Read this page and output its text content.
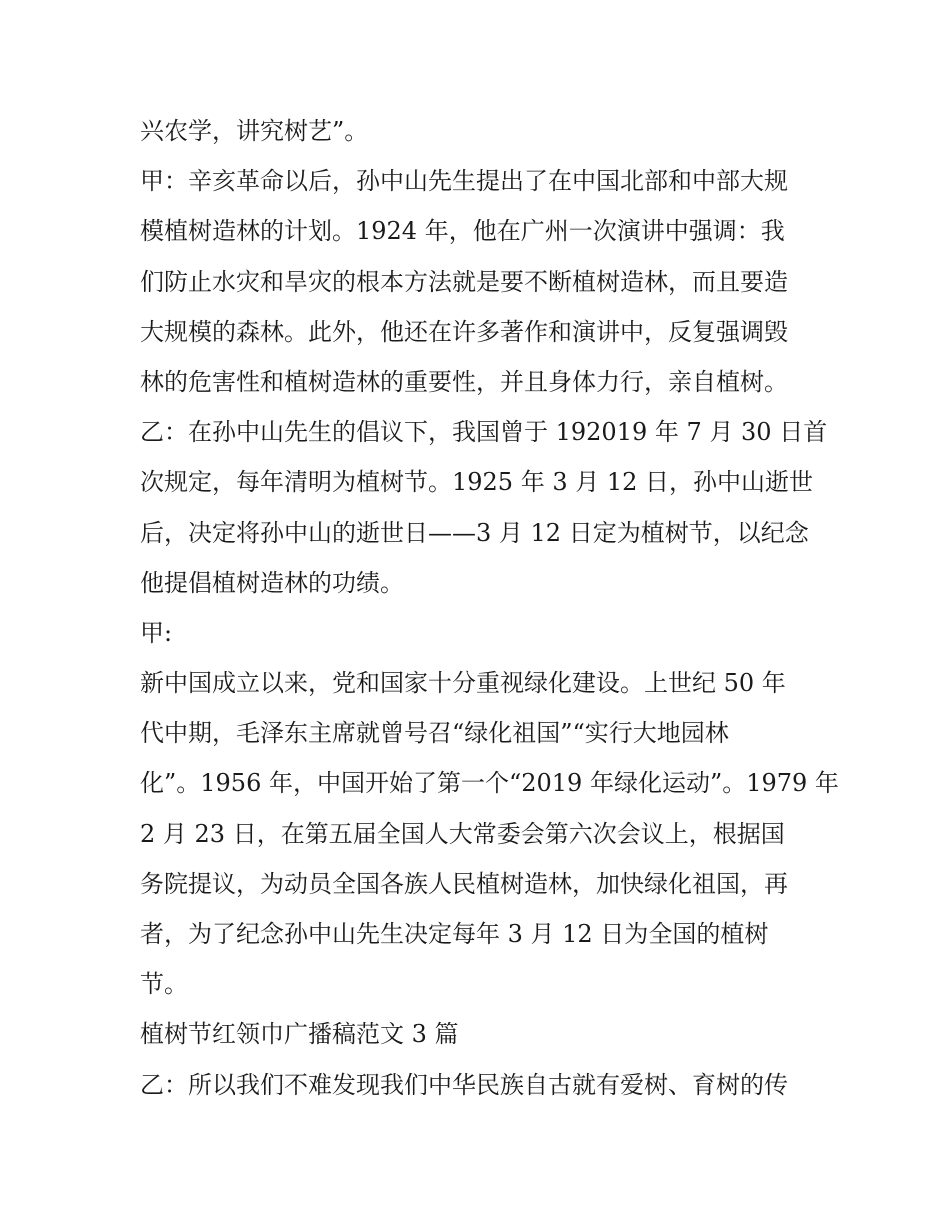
兴农学，讲究树艺”。
甲：辛亥革命以后，孙中山先生提出了在中国北部和中部大规
模植树造林的计划。1924 年，他在广州一次演讲中强调：我
们防止水灾和旱灾的根本方法就是要不断植树造林，而且要造
大规模的森林。此外，他还在许多著作和演讲中，反复强调毁
林的危害性和植树造林的重要性，并且身体力行，亲自植树。
乙：在孙中山先生的倡议下，我国曾于 192019 年 7 月 30 日首
次规定，每年清明为植树节。1925 年 3 月 12 日，孙中山逝世
后，决定将孙中山的逝世日——3 月 12 日定为植树节，以纪念
他提倡植树造林的功绩。
甲:
新中国成立以来，党和国家十分重视绿化建设。上世纪 50 年
代中期，毛泽东主席就曾号召“绿化祖国”“实行大地园林
化”。1956 年，中国开始了第一个“2019 年绿化运动”。1979 年
2 月 23 日，在第五届全国人大常委会第六次会议上，根据国
务院提议，为动员全国各族人民植树造林，加快绿化祖国，再
者，为了纪念孙中山先生决定每年 3 月 12 日为全国的植树
节。
植树节红领巾广播稿范文 3 篇
乙：所以我们不难发现我们中华民族自古就有爱树、育树的传
